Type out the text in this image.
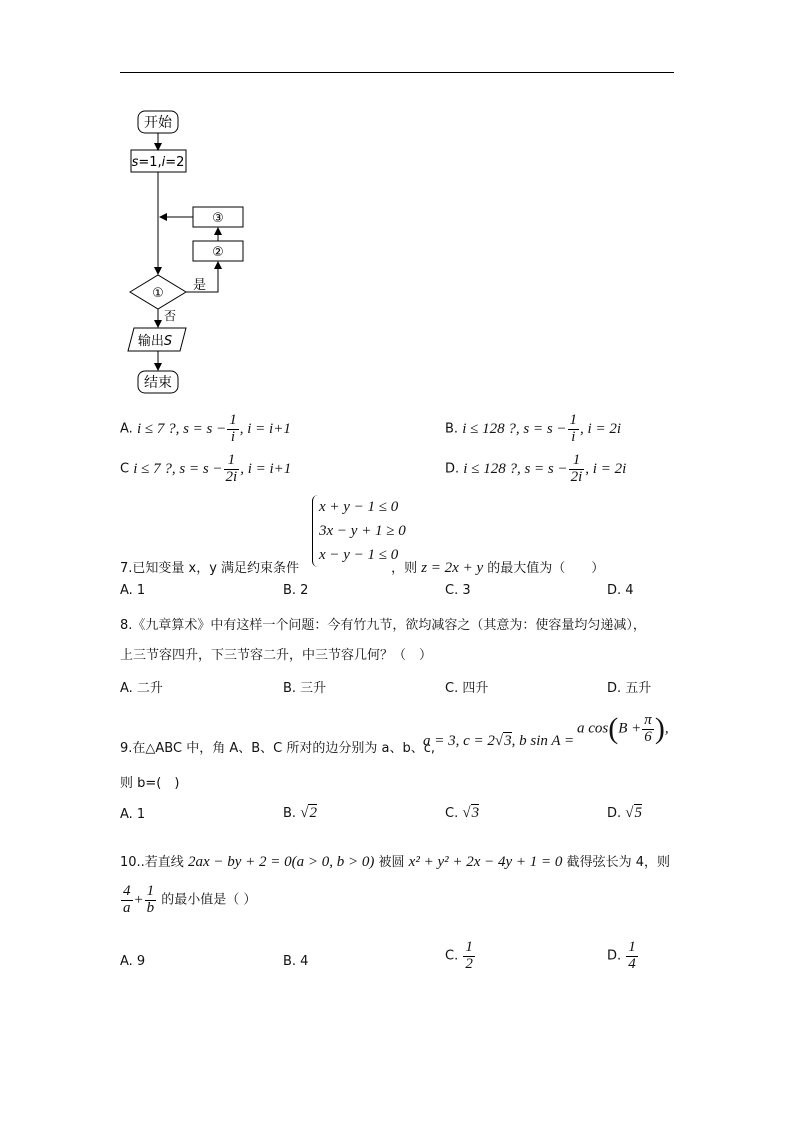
开始
s=1,i=2
③
②
①
是
否
输出S
结束
A. i ≤ 7 ?, $s = s - \frac{1}{i}$ , i = i+1	B. i ≤ 128 ?, $s = s - \frac{1}{i}$ , i = 2i
C i ≤ 7 ?, $s = s - \frac{1}{2i}$ , i = i+1	D. i ≤ 128 ?, $s = s - \frac{1}{2i}$ , i = 2i
x + y − 1 ≤ 0
3x − y + 1 ≥ 0
x − y − 1 ≤ 0
7.已知变量 x，y 满足约束条件	，则 z = 2x + y 的最大值为（　　）
A. 1	B. 2	C. 3	D. 4
8.《九章算术》中有这样一个问题：今有竹九节，欲均减容之（其意为：使容量均匀递减），
上三节容四升，下三节容二升，中三节容几何？（　）
A. 二升	B. 三升	C. 四升	D. 五升
9.在△ABC 中，角 A、B、C 所对的边分别为 a、b、c,
a = 3, c = 2√3, b sin A =
a $\cos(B + \frac{\pi}{6}$ ),
则 b=(　)
A. 1	B. √2	C. √3	D. √5
10..若直线 2ax − by + 2 = 0(a > 0, b > 0) 被圆 x² + y² + 2x − 4y + 1 = 0 截得弦长为 4，则
$\frac{4}{a} + \frac{1}{b}$ 的最小值是（ ）
A. 9	B. 4	C. $\frac{1}{2}$	D. $\frac{1}{4}$
